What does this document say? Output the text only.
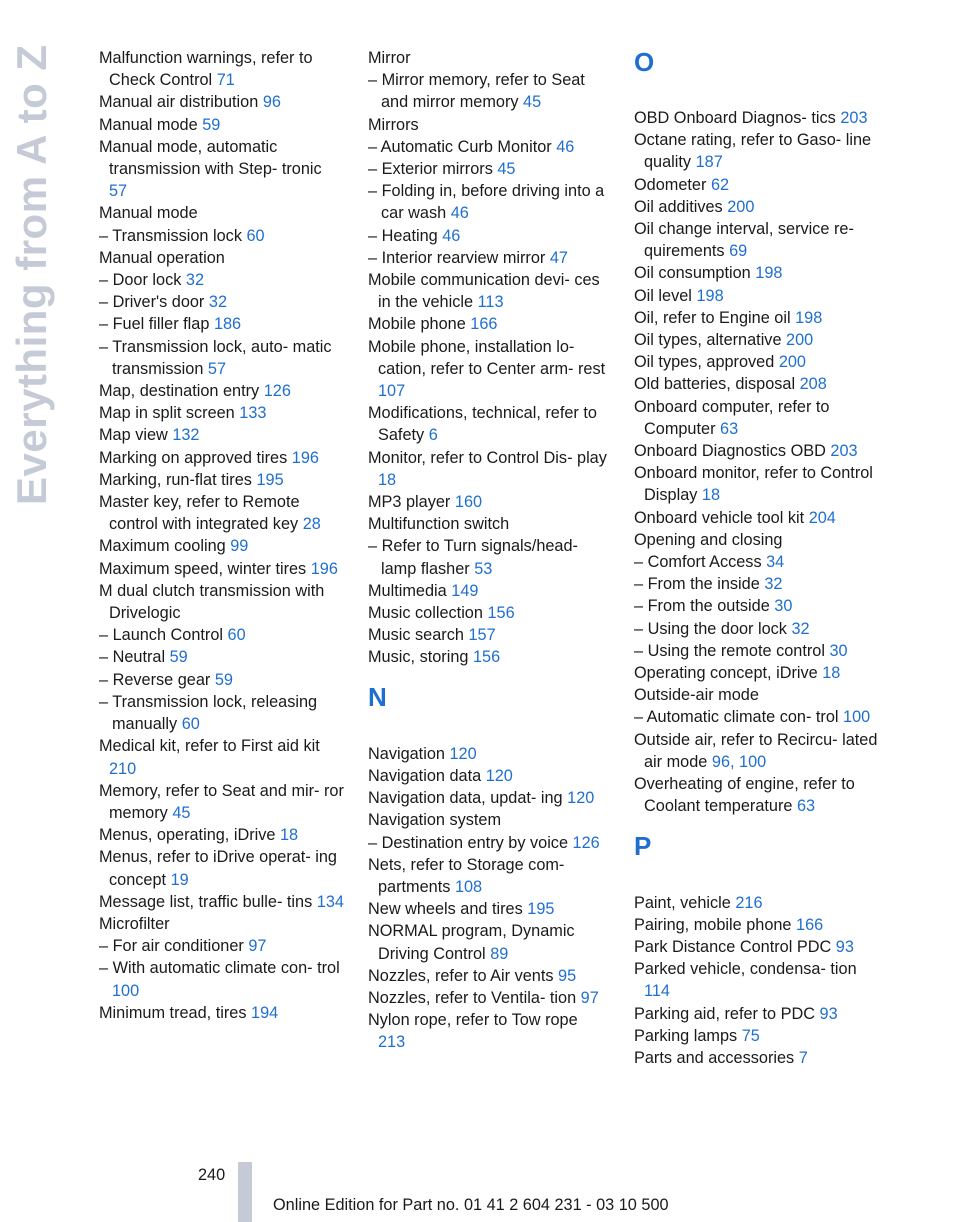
Everything from A to Z	Malfunction warnings, refer to Check Control 71
Manual air distribution 96
Manual mode 59
Manual mode, automatic transmission with Step- tronic 57
Manual mode
– Transmission lock 60
Manual operation
– Door lock 32
– Driver's door 32
– Fuel filler flap 186
– Transmission lock, auto- matic transmission 57
Map, destination entry 126
Map in split screen 133
Map view 132
Marking on approved tires 196
Marking, run-flat tires 195
Master key, refer to Remote control with integrated key 28
Maximum cooling 99
Maximum speed, winter tires 196
M dual clutch transmission with Drivelogic
– Launch Control 60
– Neutral 59
– Reverse gear 59
– Transmission lock, releasing manually 60
Medical kit, refer to First aid kit 210
Memory, refer to Seat and mir- ror memory 45
Menus, operating, iDrive 18
Menus, refer to iDrive operat- ing concept 19
Message list, traffic bulle- tins 134
Microfilter
– For air conditioner 97
– With automatic climate con- trol 100
Minimum tread, tires 194
Mirror
– Mirror memory, refer to Seat and mirror memory 45
Mirrors
– Automatic Curb Monitor 46
– Exterior mirrors 45
– Folding in, before driving into a car wash 46
– Heating 46
– Interior rearview mirror 47
Mobile communication devi- ces in the vehicle 113
Mobile phone 166
Mobile phone, installation lo- cation, refer to Center arm- rest 107
Modifications, technical, refer to Safety 6
Monitor, refer to Control Dis- play 18
MP3 player 160
Multifunction switch
– Refer to Turn signals/head- lamp flasher 53
Multimedia 149
Music collection 156
Music search 157
Music, storing 156
N
Navigation 120
Navigation data 120
Navigation data, updat- ing 120
Navigation system
– Destination entry by voice 126
Nets, refer to Storage com- partments 108
New wheels and tires 195
NORMAL program, Dynamic Driving Control 89
Nozzles, refer to Air vents 95
Nozzles, refer to Ventila- tion 97
Nylon rope, refer to Tow rope 213
O
OBD Onboard Diagnos- tics 203
Octane rating, refer to Gaso- line quality 187
Odometer 62
Oil additives 200
Oil change interval, service re- quirements 69
Oil consumption 198
Oil level 198
Oil, refer to Engine oil 198
Oil types, alternative 200
Oil types, approved 200
Old batteries, disposal 208
Onboard computer, refer to Computer 63
Onboard Diagnostics OBD 203
Onboard monitor, refer to Control Display 18
Onboard vehicle tool kit 204
Opening and closing
– Comfort Access 34
– From the inside 32
– From the outside 30
– Using the door lock 32
– Using the remote control 30
Operating concept, iDrive 18
Outside-air mode
– Automatic climate con- trol 100
Outside air, refer to Recircu- lated air mode 96, 100
Overheating of engine, refer to Coolant temperature 63
P
Paint, vehicle 216
Pairing, mobile phone 166
Park Distance Control PDC 93
Parked vehicle, condensa- tion 114
Parking aid, refer to PDC 93
Parking lamps 75
Parts and accessories 7
240
Online Edition for Part no. 01 41 2 604 231 - 03 10 500
